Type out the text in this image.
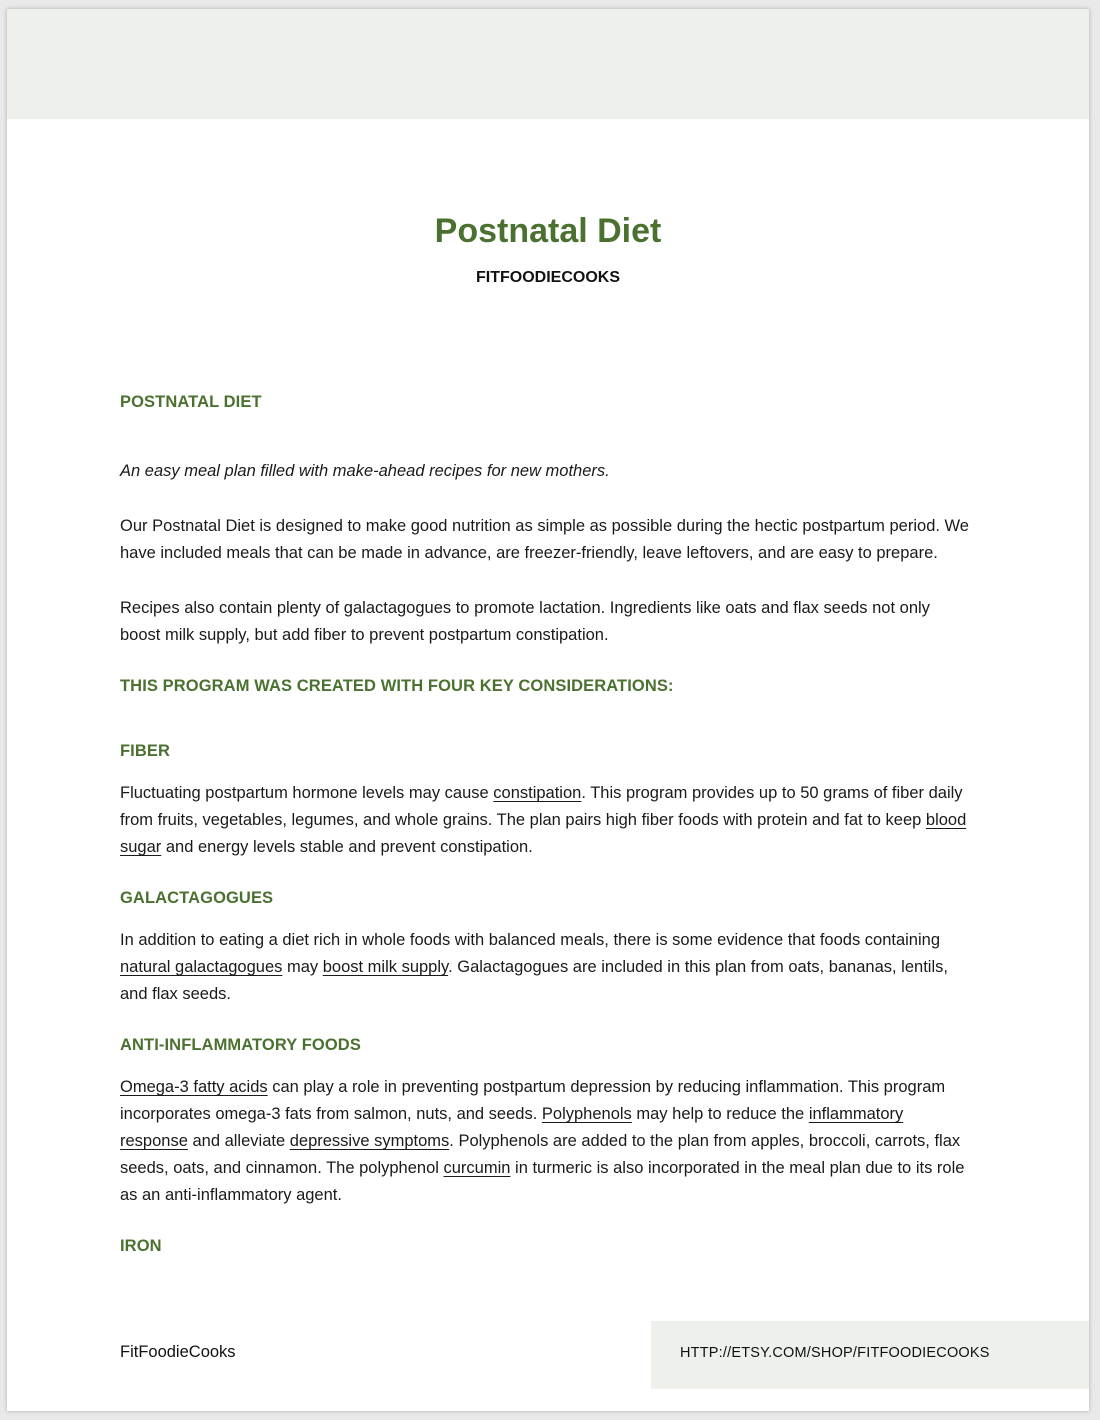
Postnatal Diet
FITFOODIECOOKS
POSTNATAL DIET

An easy meal plan filled with make-ahead recipes for new mothers.

Our Postnatal Diet is designed to make good nutrition as simple as possible during the hectic postpartum period. We have included meals that can be made in advance, are freezer-friendly, leave leftovers, and are easy to prepare.

Recipes also contain plenty of galactagogues to promote lactation. Ingredients like oats and flax seeds not only boost milk supply, but add fiber to prevent postpartum constipation.

THIS PROGRAM WAS CREATED WITH FOUR KEY CONSIDERATIONS:
FIBER

Fluctuating postpartum hormone levels may cause constipation. This program provides up to 50 grams of fiber daily from fruits, vegetables, legumes, and whole grains. The plan pairs high fiber foods with protein and fat to keep blood sugar and energy levels stable and prevent constipation.

GALACTAGOGUES

In addition to eating a diet rich in whole foods with balanced meals, there is some evidence that foods containing natural galactagogues may boost milk supply. Galactagogues are included in this plan from oats, bananas, lentils, and flax seeds.

ANTI-INFLAMMATORY FOODS

Omega-3 fatty acids can play a role in preventing postpartum depression by reducing inflammation. This program incorporates omega-3 fats from salmon, nuts, and seeds. Polyphenols may help to reduce the inflammatory response and alleviate depressive symptoms. Polyphenols are added to the plan from apples, broccoli, carrots, flax seeds, oats, and cinnamon. The polyphenol curcumin in turmeric is also incorporated in the meal plan due to its role as an anti-inflammatory agent.

IRON
FitFoodieCooks	HTTP://ETSY.COM/SHOP/FITFOODIECOOKS
